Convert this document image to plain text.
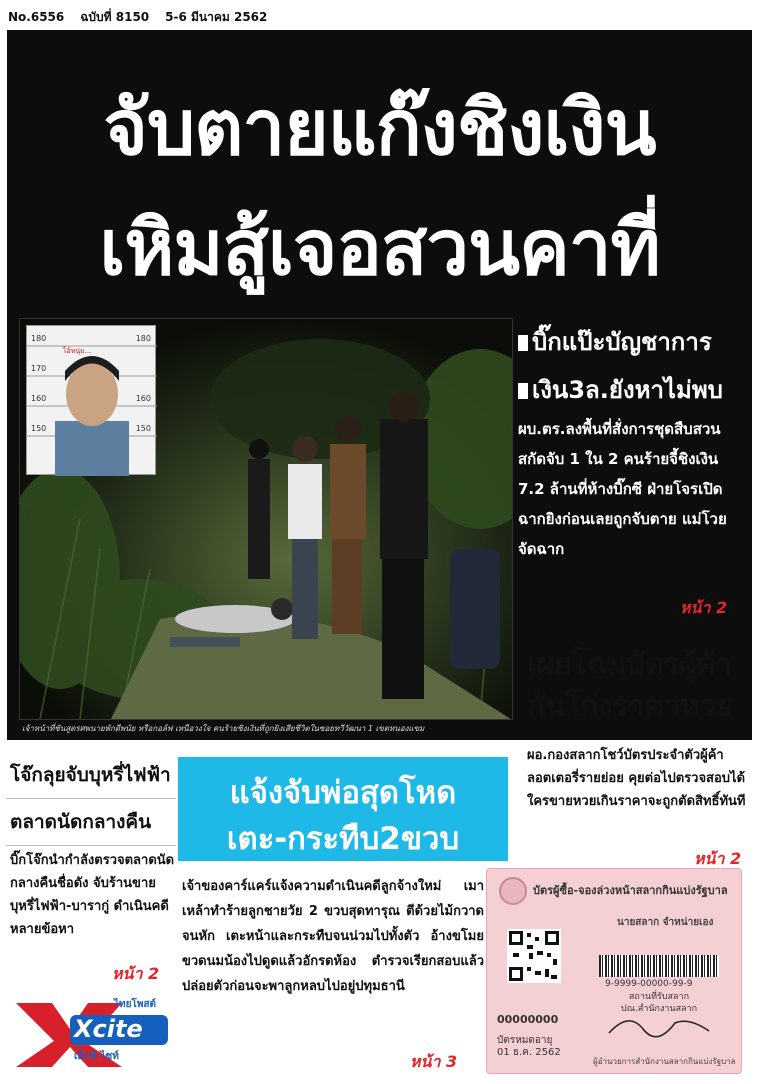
No.6556 ฉบับที่ 8150 5-6 มีนาคม 2562
จับตายแก๊งชิงเงิน
เหิมสู้เจอสวนคาที่
180	180
170
160	160
150	150
ไอ้หนุ่ม...
เจ้าหน้าที่ชันสูตรศพนายพักดีพนัย หรือกอล์ฟ เหนือวงใจ คนร้ายชิงเงินที่ถูกยิงเสียชีวิตในซอยทวีวัฒนา 1 เขตหนองแขม
บิ๊กแป๊ะบัญชาการ
เงิน3ล.ยังหาไม่พบ
ผบ.ตร.ลงพื้นที่สั่งการชุดสืบสวนสกัดจับ 1 ใน 2 คนร้ายจี้ชิงเงิน 7.2 ล้านที่ห้างบิ๊กซี ฝ่ายโจรเปิดฉากยิงก่อนเลยถูกจับตาย แม่โวยจัดฉาก
หน้า 2
เผยโฉมบัตรผู้ค้า
กันโก่งราคาหวย
ผอ.กองสลากโชว์บัตรประจำตัวผู้ค้าลอตเตอรี่รายย่อย คุยต่อไปตรวจสอบได้ใครขายหวยเกินราคาจะถูกตัดสิทธิ์ทันที
หน้า 2
โจ๊กลุยจับบุหรี่ไฟฟ้า
ตลาดนัดกลางคืน
บิ๊กโจ๊กนำกำลังตรวจตลาดนัดกลางคืนชื่อดัง จับร้านขายบุหรี่ไฟฟ้า-บารากู่ ดำเนินคดีหลายข้อหา
หน้า 2
Xcite
ไทยโพสต์
เอ็กซ์-ไซท์
แจ้งจับพ่อสุดโหด
เตะ-กระทืบ2ขวบ
เจ้าของคาร์แคร์แจ้งความดำเนินคดีลูกจ้างใหม่ เมาเหล้าทำร้ายลูกชายวัย 2 ขวบสุดทารุณ ตีด้วยไม้กวาดจนหัก เตะหน้าและกระทืบจนน่วมไปทั้งตัว อ้างขโมยขวดนมน้องไปดูดแล้วอักรดห้อง ตำรวจเรียกสอบแล้วปล่อยตัวก่อนจะพาลูกหลบไปอยู่ปทุมธานี
หน้า 3
บัตรผู้ซื้อ-จองล่วงหน้าสลากกินแบ่งรัฐบาล
นายสลาก จำหน่ายเอง
9-9999-00000-99-9
สถานที่รับสลาก
ปณ.สำนักงานสลาก
00000000
บัตรหมดอายุ
01 ธ.ค. 2562
ผู้อำนวยการสำนักงานสลากกินแบ่งรัฐบาล
